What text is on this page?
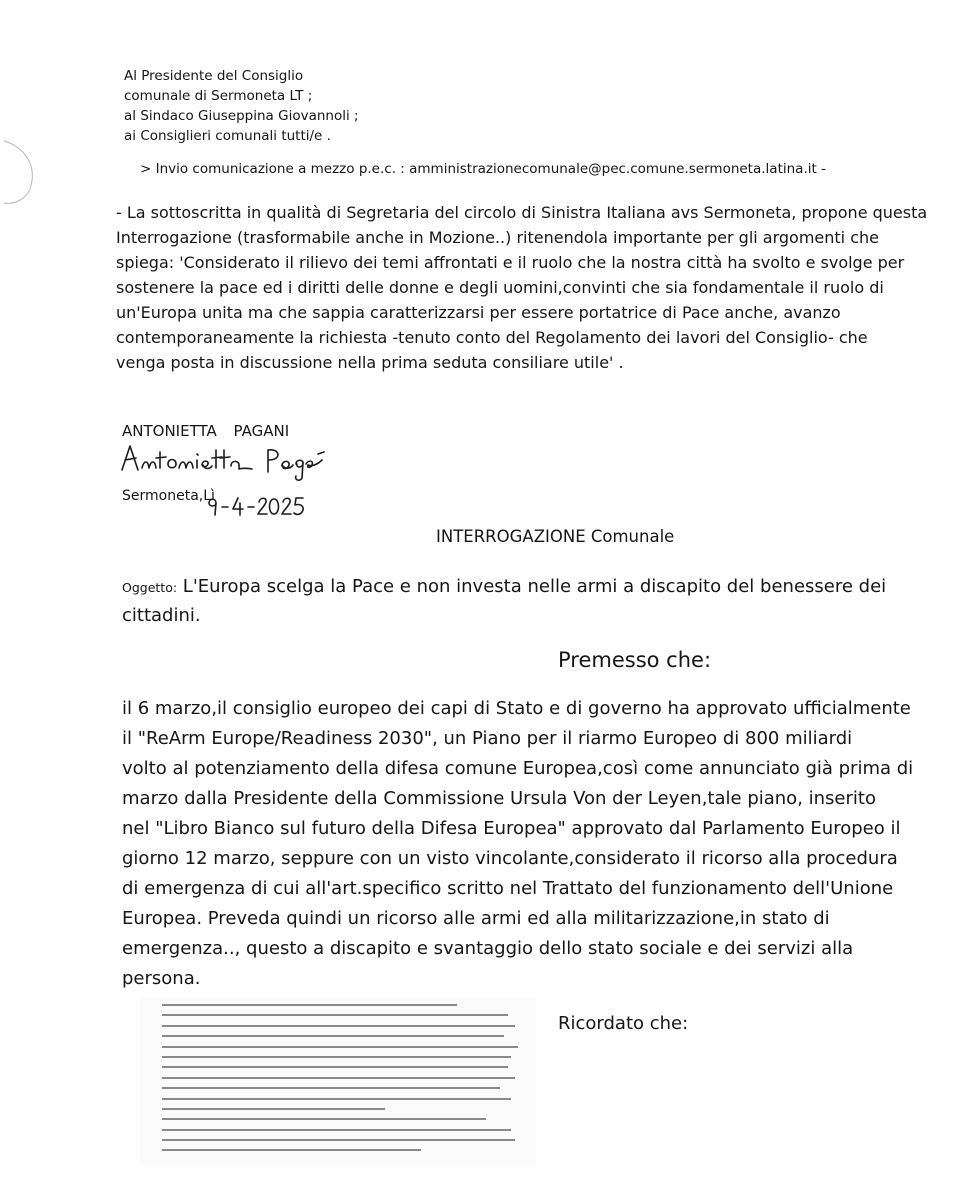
Al Presidente del Consiglio
comunale di Sermoneta LT ;
al Sindaco Giuseppina Giovannoli ;
ai Consiglieri comunali tutti/e .
> Invio comunicazione a mezzo p.e.c. : amministrazionecomunale@pec.comune.sermoneta.latina.it -
- La sottoscritta in qualità di Segretaria del circolo di Sinistra Italiana avs Sermoneta, propone questa
Interrogazione (trasformabile anche in Mozione..) ritenendola importante per gli argomenti che
spiega: 'Considerato il rilievo dei temi affrontati e il ruolo che la nostra città ha svolto e svolge per
sostenere la pace ed i diritti delle donne e degli uomini,convinti che sia fondamentale il ruolo di
un'Europa unita ma che sappia caratterizzarsi per essere portatrice di Pace anche, avanzo
contemporaneamente la richiesta -tenuto conto del Regolamento dei lavori del Consiglio- che
venga posta in discussione nella prima seduta consiliare utile' .
ANTONIETTA PAGANI
Sermoneta,Lì
INTERROGAZIONE Comunale
Oggetto: L'Europa scelga la Pace e non investa nelle armi a discapito del benessere dei
cittadini.
Premesso che:
il 6 marzo,il consiglio europeo dei capi di Stato e di governo ha approvato ufficialmente
il "ReArm Europe/Readiness 2030", un Piano per il riarmo Europeo di 800 miliardi
volto al potenziamento della difesa comune Europea,così come annunciato già prima di
marzo dalla Presidente della Commissione Ursula Von der Leyen,tale piano, inserito
nel "Libro Bianco sul futuro della Difesa Europea" approvato dal Parlamento Europeo il
giorno 12 marzo, seppure con un visto vincolante,considerato il ricorso alla procedura
di emergenza di cui all'art.specifico scritto nel Trattato del funzionamento dell'Unione
Europea. Preveda quindi un ricorso alle armi ed alla militarizzazione,in stato di
emergenza.., questo a discapito e svantaggio dello stato sociale e dei servizi alla
persona.
Ricordato che:
